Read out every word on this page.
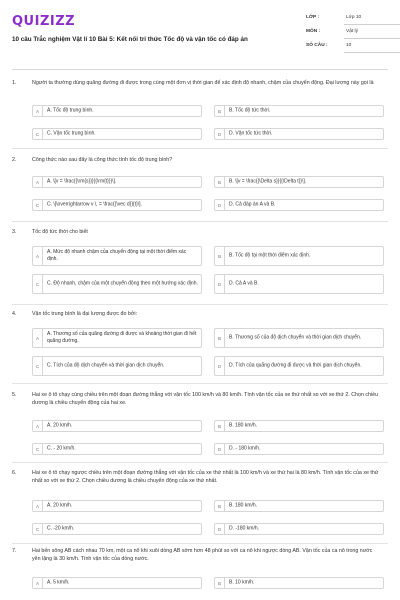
QUIZIZZ
10 câu Trắc nghiệm Vật lí 10 Bài 5: Kết nối tri thức Tốc độ và vận tốc có đáp án
LỚP :	Lớp 10
MÔN :	Vật lý
SỐ CÂU :	10
1.	Người ta thường dùng quãng đường đi được trong cùng một đơn vị thời gian để xác định độ nhanh, chậm của chuyển động. Đại lượng này gọi là
A	A. Tốc độ trung bình.	B	B. Tốc độ tức thời.
C	C. Vận tốc trung bình.	D	D. Vận tốc tức thời.
2.	Công thức nào sau đây là công thức tính tốc độ trung bình?
A	A. \[v = \frac{{\rm{s}}}{{\rm{t}}}\].	B	B. \[v = \frac{{\Delta s}}{{\Delta t}}\].
C	C. \[\overrightarrow v \, = \frac{{\vec d}}{t}\].	D	D. Cả đáp án A và B.
3.	Tốc độ tức thời cho biết
A
A. Mức độ nhanh chậm của chuyển động tại một thời điểm xác định.	B	B. Tốc độ tại một thời điểm xác định.
C	C. Độ nhanh, chậm của một chuyển động theo một hướng xác định.	D	D. Cả A và B.
4.	Vận tốc trung bình là đại lượng được đo bởi:
A
A. Thương số của quãng đường đi được và khoảng thời gian đi hết quãng đường.	B	B. Thương số của độ dịch chuyển và thời gian dịch chuyển.
C	C. Tích của độ dịch chuyển và thời gian dịch chuyển.	D	D. Tích của quãng đường đi được và thời gian dịch chuyển.
5.	Hai xe ô tô chạy cùng chiều trên một đoạn đường thẳng với vận tốc 100 km/h và 80 km/h. Tính vận tốc của xe thứ nhất so với xe thứ 2. Chọn chiều dương là chiều chuyển động của hai xe.
A	A. 20 km/h.	B	B. 180 km/h.
C	C. - 20 km/h.	D	D. - 180 km/h.
6.	Hai xe ô tô chạy ngược chiều trên một đoạn đường thẳng với vận tốc của xe thứ nhất là 100 km/h và xe thứ hai là 80 km/h. Tính vận tốc của xe thứ nhất so với xe thứ 2. Chọn chiều dương là chiều chuyển động của xe thứ nhất.
A	A. 20 km/h.	B	B. 180 km/h.
C	C. -20 km/h.	D	D. -180 km/h.
7.	Hai bến sông AB cách nhau 70 km, một ca nô khi xuôi dòng AB sớm hơn 48 phút so với ca nô khi ngược dòng AB. Vận tốc của ca nô trong nước yên lặng là 30 km/h. Tính vận tốc của dòng nước.
A	A. 5 km/h.	B	B. 10 km/h.
